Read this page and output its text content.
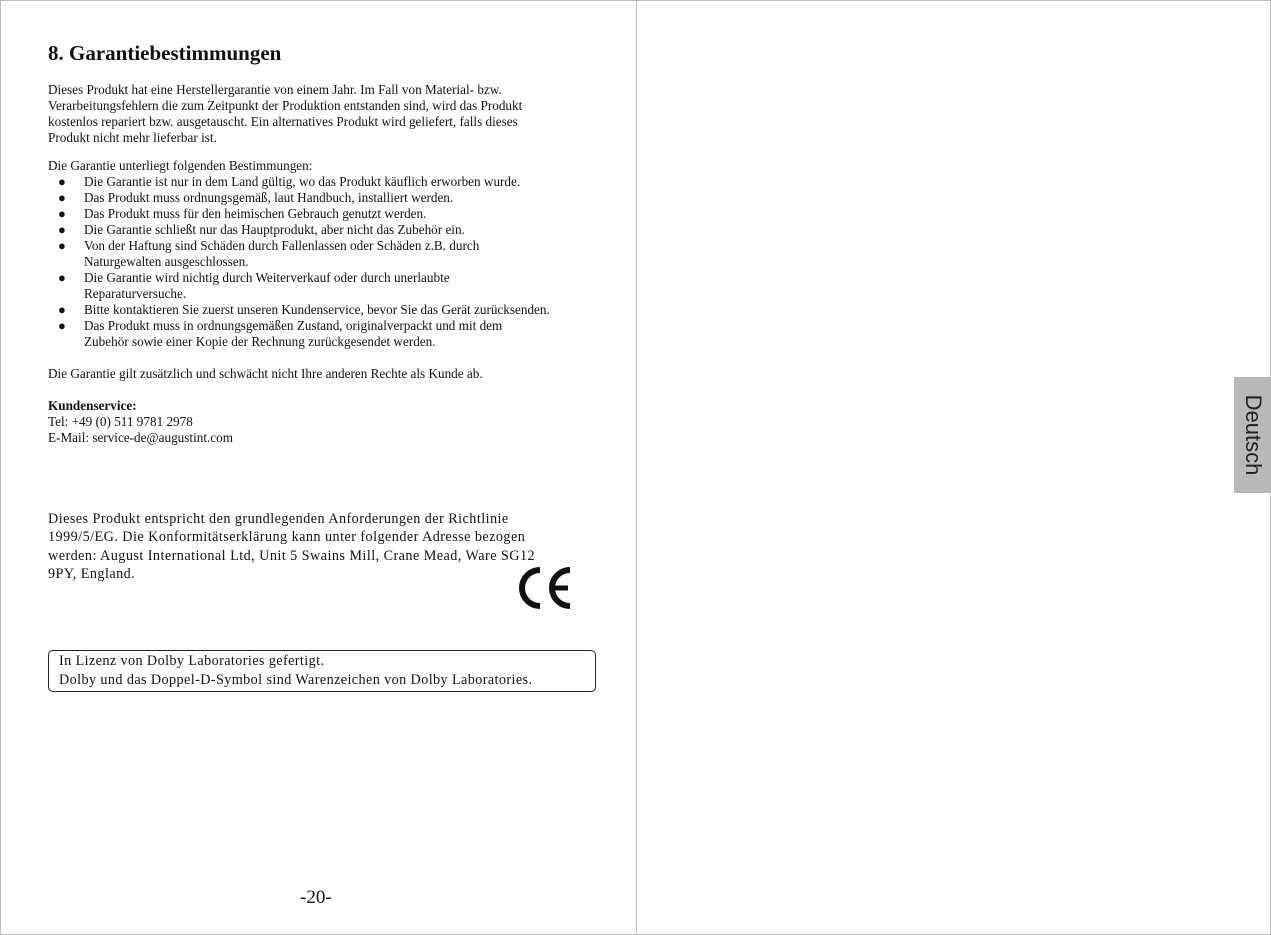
8. Garantiebestimmungen

Dieses Produkt hat eine Herstellergarantie von einem Jahr. Im Fall von Material- bzw.

Verarbeitungsfehlern die zum Zeitpunkt der Produktion entstanden sind, wird das Produkt

kostenlos repariert bzw. ausgetauscht. Ein alternatives Produkt wird geliefert, falls dieses

Produkt nicht mehr lieferbar ist.

Die Garantie unterliegt folgenden Bestimmungen:

● Die Garantie ist nur in dem Land gültig, wo das Produkt käuflich erworben wurde.
● Das Produkt muss ordnungsgemäß, laut Handbuch, installiert werden.
● Das Produkt muss für den heimischen Gebrauch genutzt werden.
● Die Garantie schließt nur das Hauptprodukt, aber nicht das Zubehör ein.
● Von der Haftung sind Schäden durch Fallenlassen oder Schäden z.B. durch
Naturgewalten ausgeschlossen.
● Die Garantie wird nichtig durch Weiterverkauf oder durch unerlaubte
Reparaturversuche.
● Bitte kontaktieren Sie zuerst unseren Kundenservice, bevor Sie das Gerät zurücksenden.
● Das Produkt muss in ordnungsgemäßen Zustand, originalverpackt und mit dem
Zubehör sowie einer Kopie der Rechnung zurückgesendet werden.

Die Garantie gilt zusätzlich und schwächt nicht Ihre anderen Rechte als Kunde ab.

Kundenservice:
Tel: +49 (0) 511 9781 2978
E-Mail: service-de@augustint.com
Dieses Produkt entspricht den grundlegenden Anforderungen der Richtlinie
1999/5/EG. Die Konformitätserklärung kann unter folgender Adresse bezogen
werden: August International Ltd, Unit 5 Swains Mill, Crane Mead, Ware SG12
9PY, England.
In Lizenz von Dolby Laboratories gefertigt.
Dolby und das Doppel-D-Symbol sind Warenzeichen von Dolby Laboratories.
-20-
Deutsch
